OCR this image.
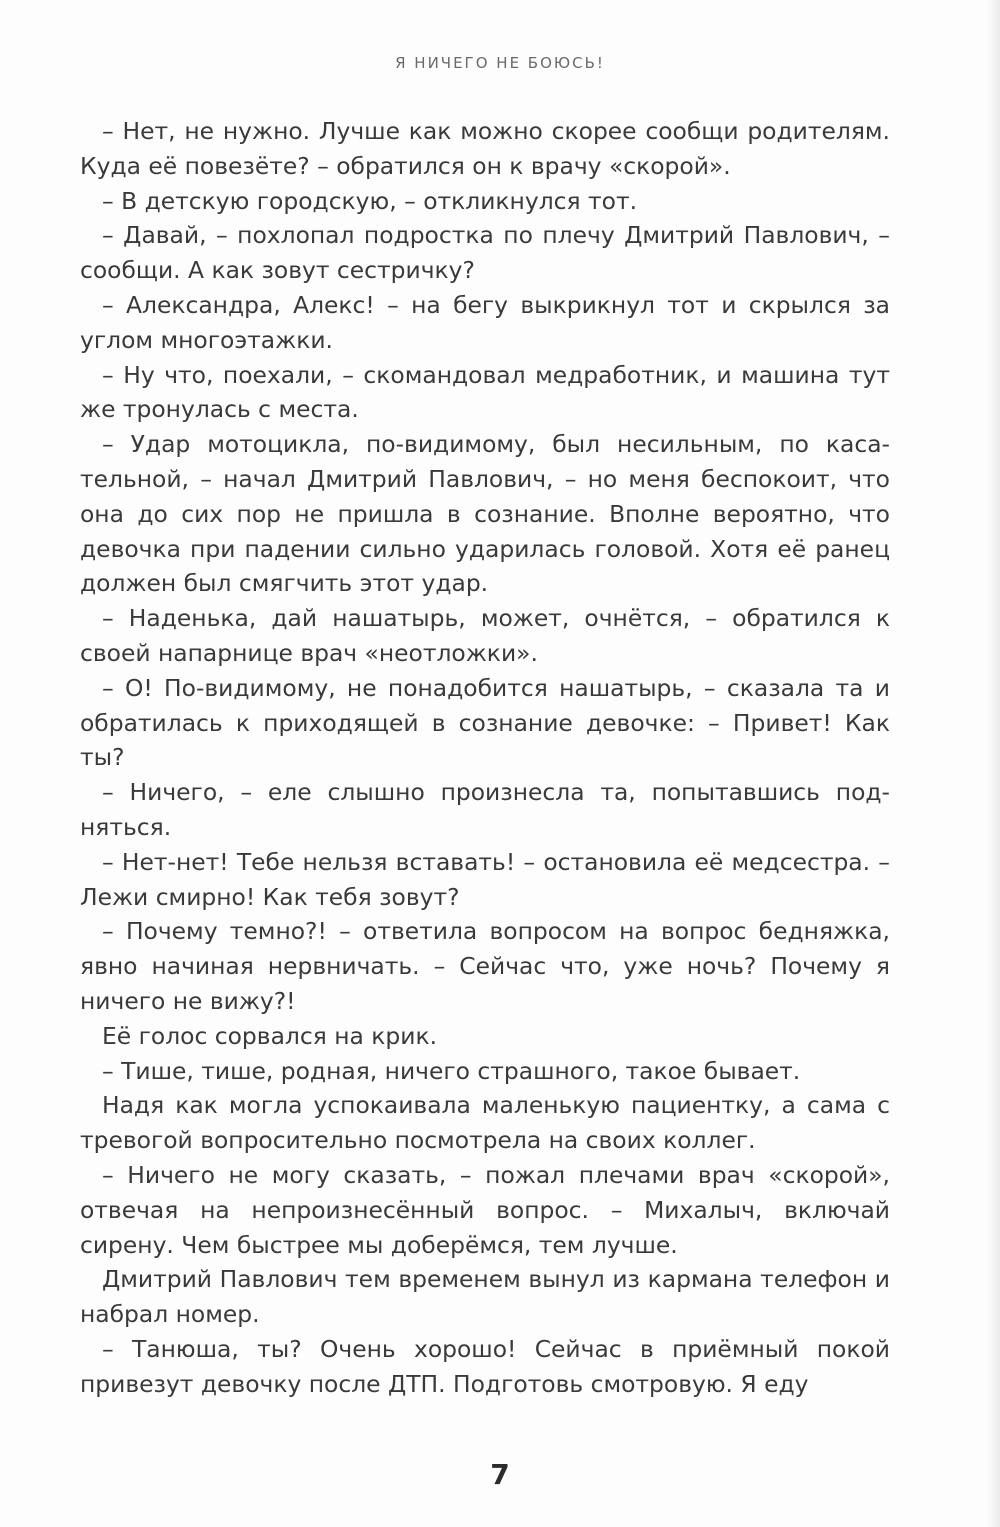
Я НИЧЕГО НЕ БОЮСЬ!

– Нет, не нужно. Лучше как можно скорее сообщи родителям. Куда её повезёте? – обратился он к врачу «скорой».

– В детскую городскую, – откликнулся тот.

– Давай, – похлопал подростка по плечу Дмитрий Павлович, – сообщи. А как зовут сестричку?

– Александра, Алекс! – на бегу выкрикнул тот и скрылся за углом многоэтажки.

– Ну что, поехали, – скомандовал медработник, и машина тут же тронулась с места.

– Удар мотоцикла, по-видимому, был несильным, по касательной, – начал Дмитрий Павлович, – но меня беспокоит, что она до сих пор не пришла в сознание. Вполне вероятно, что девочка при падении сильно ударилась головой. Хотя её ранец должен был смягчить этот удар.

– Наденька, дай нашатырь, может, очнётся, – обратился к своей напарнице врач «неотложки».

– О! По-видимому, не понадобится нашатырь, – сказала та и обратилась к приходящей в сознание девочке: – Привет! Как ты?

– Ничего, – еле слышно произнесла та, попытавшись подняться.

– Нет-нет! Тебе нельзя вставать! – остановила её медсестра. – Лежи смирно! Как тебя зовут?

– Почему темно?! – ответила вопросом на вопрос бедняжка, явно начиная нервничать. – Сейчас что, уже ночь? Почему я ничего не вижу?!

Её голос сорвался на крик.

– Тише, тише, родная, ничего страшного, такое бывает.

Надя как могла успокаивала маленькую пациентку, а сама с тревогой вопросительно посмотрела на своих коллег.

– Ничего не могу сказать, – пожал плечами врач «скорой», отвечая на непроизнесённый вопрос. – Михалыч, включай сирену. Чем быстрее мы доберёмся, тем лучше.

Дмитрий Павлович тем временем вынул из кармана телефон и набрал номер.

– Танюша, ты? Очень хорошо! Сейчас в приёмный покой привезут девочку после ДТП. Подготовь смотровую. Я еду

7
